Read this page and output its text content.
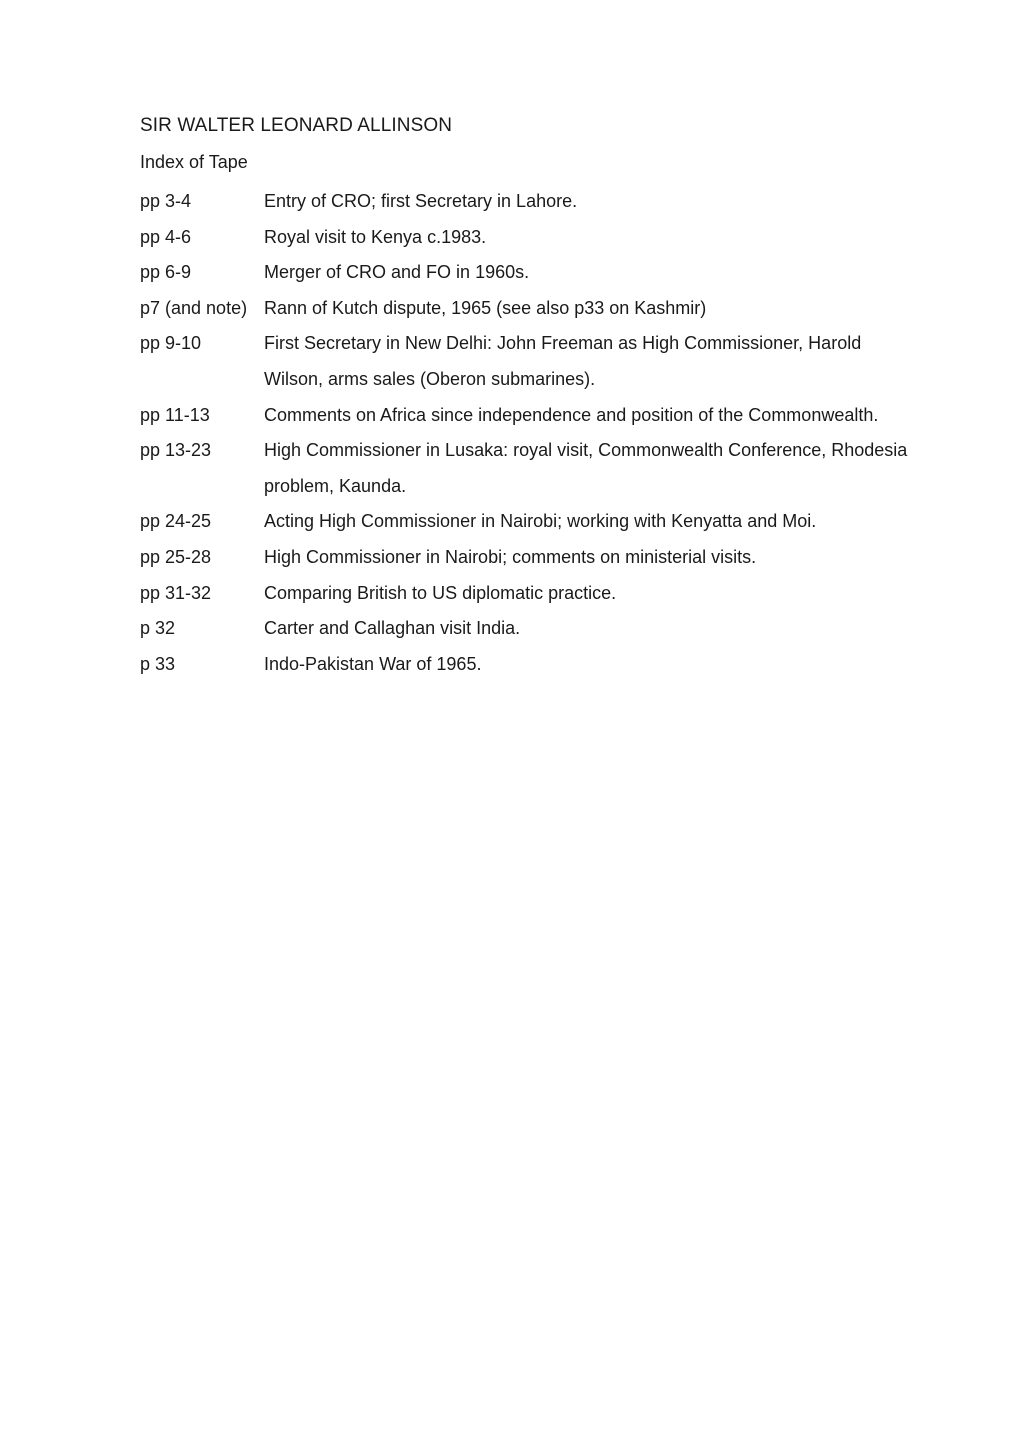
SIR WALTER LEONARD ALLINSON
Index of Tape
pp 3-4	Entry of CRO; first Secretary in Lahore.
pp 4-6	Royal visit to Kenya c.1983.
pp 6-9	Merger of CRO and FO in 1960s.
p7 (and note) Rann of Kutch dispute, 1965 (see also p33 on Kashmir)
pp 9-10	First Secretary in New Delhi: John Freeman as High Commissioner, Harold Wilson, arms sales (Oberon submarines).
pp 11-13	Comments on Africa since independence and position of the Commonwealth.
pp 13-23	High Commissioner in Lusaka: royal visit, Commonwealth Conference, Rhodesia problem, Kaunda.
pp 24-25	Acting High Commissioner in Nairobi; working with Kenyatta and Moi.
pp 25-28	High Commissioner in Nairobi; comments on ministerial visits.
pp 31-32	Comparing British to US diplomatic practice.
p 32	Carter and Callaghan visit India.
p 33	Indo-Pakistan War of 1965.
